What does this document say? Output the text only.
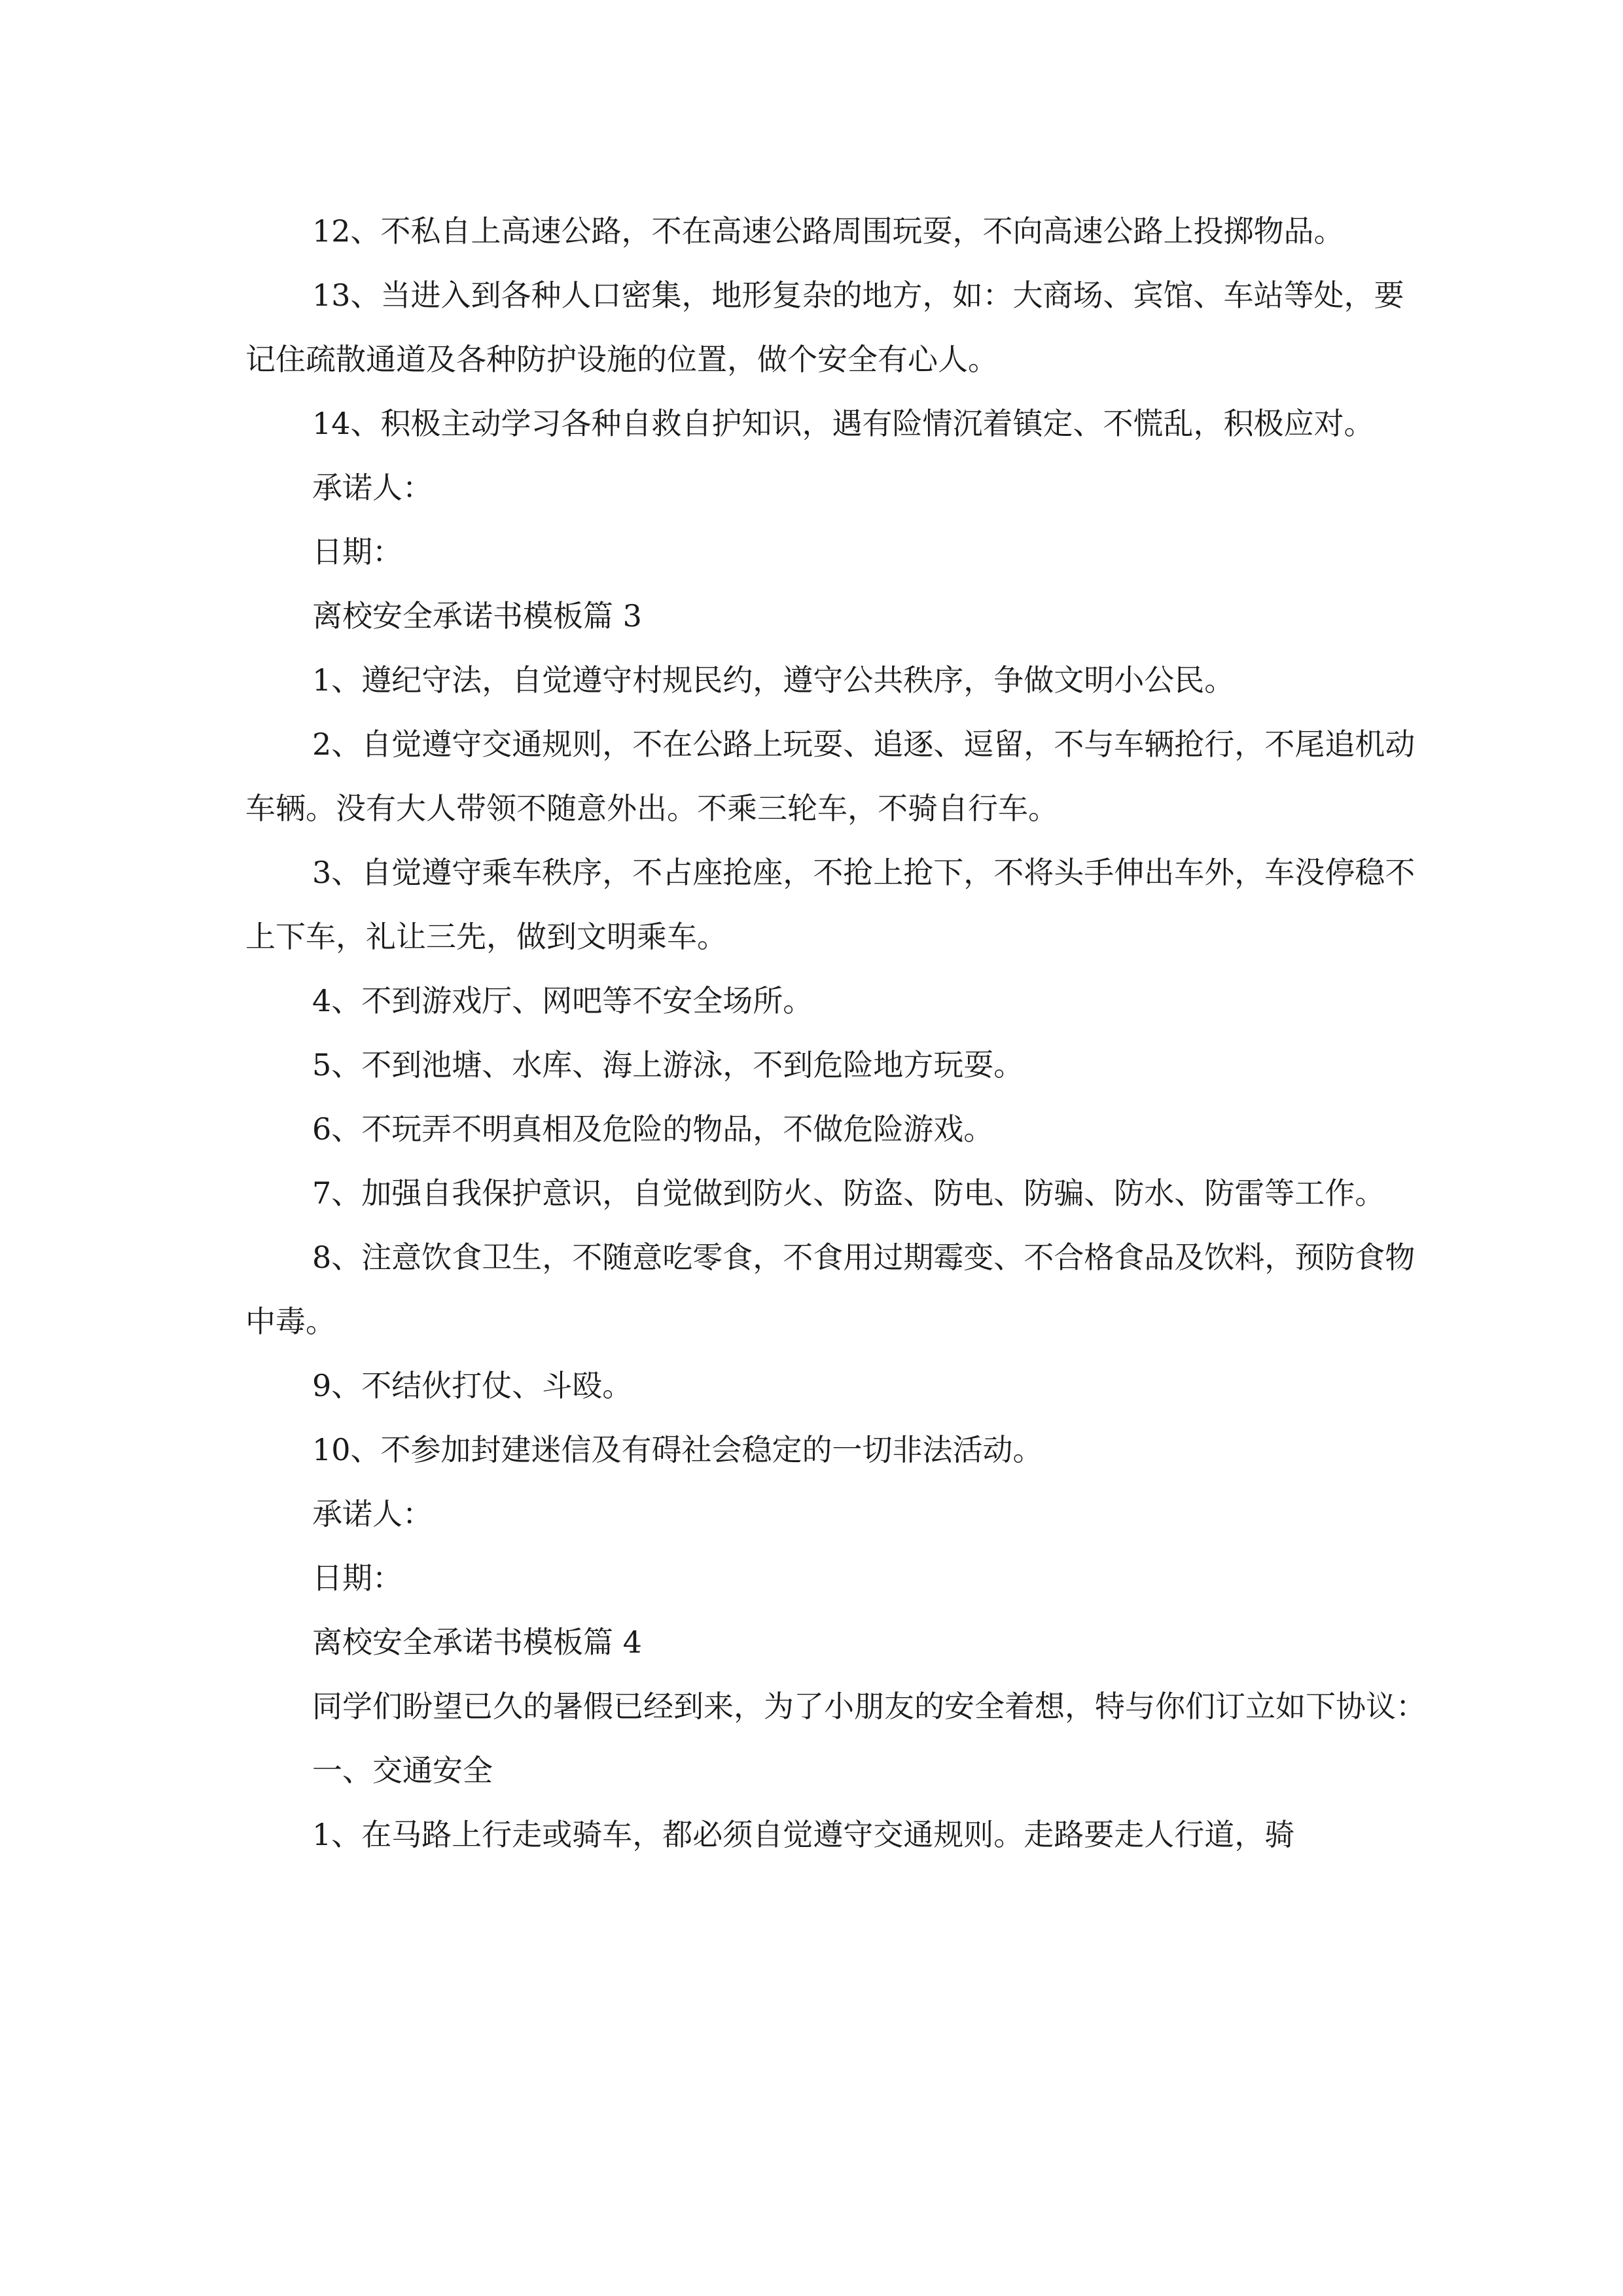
12、不私自上高速公路，不在高速公路周围玩耍，不向高速公路上投掷物品。

13、当进入到各种人口密集，地形复杂的地方，如：大商场、宾馆、车站等处，要记住疏散通道及各种防护设施的位置，做个安全有心人。

14、积极主动学习各种自救自护知识，遇有险情沉着镇定、不慌乱，积极应对。

承诺人：

日期：

离校安全承诺书模板篇 3

1、遵纪守法，自觉遵守村规民约，遵守公共秩序，争做文明小公民。

2、自觉遵守交通规则，不在公路上玩耍、追逐、逗留，不与车辆抢行，不尾追机动车辆。没有大人带领不随意外出。不乘三轮车，不骑自行车。

3、自觉遵守乘车秩序，不占座抢座，不抢上抢下，不将头手伸出车外，车没停稳不上下车，礼让三先，做到文明乘车。

4、不到游戏厅、网吧等不安全场所。

5、不到池塘、水库、海上游泳，不到危险地方玩耍。

6、不玩弄不明真相及危险的物品，不做危险游戏。

7、加强自我保护意识，自觉做到防火、防盗、防电、防骗、防水、防雷等工作。

8、注意饮食卫生，不随意吃零食，不食用过期霉变、不合格食品及饮料，预防食物中毒。

9、不结伙打仗、斗殴。

10、不参加封建迷信及有碍社会稳定的一切非法活动。

承诺人：

日期：

离校安全承诺书模板篇 4

同学们盼望已久的暑假已经到来，为了小朋友的安全着想，特与你们订立如下协议：

一、交通安全

1、在马路上行走或骑车，都必须自觉遵守交通规则。走路要走人行道，骑
